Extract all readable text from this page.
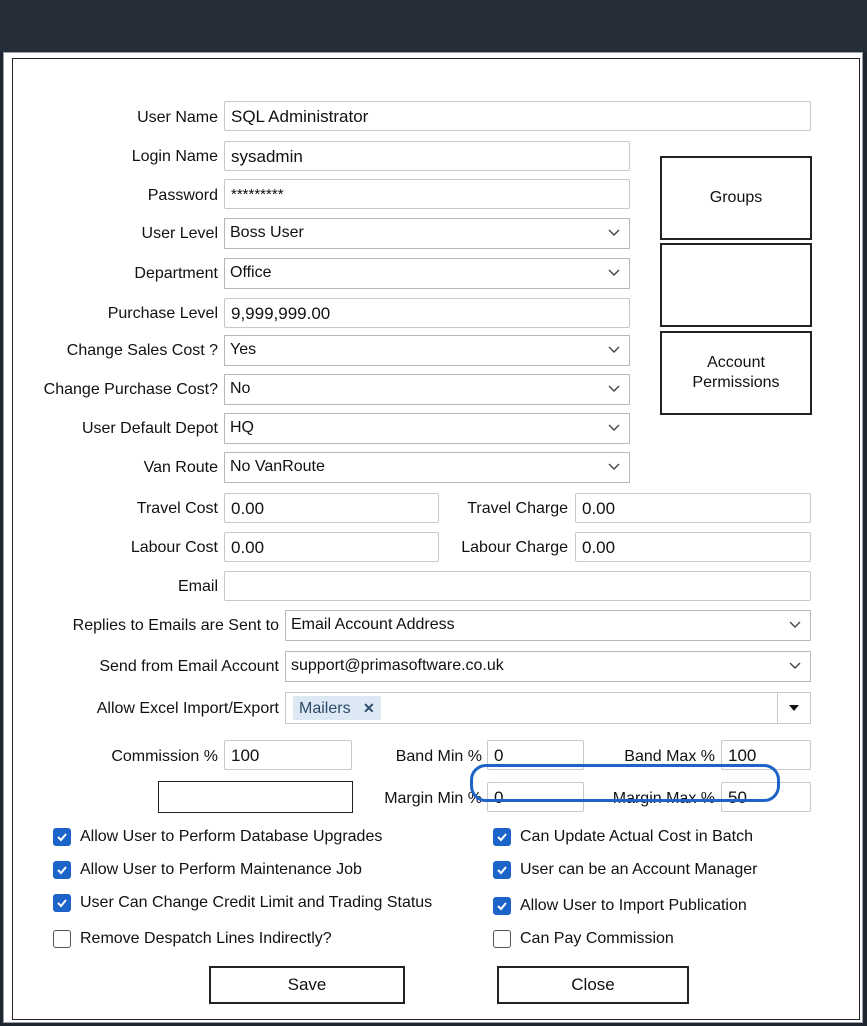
User Name SQL Administrator
Login Name sysadmin
Password *********
User Level Boss User
Department Office
Purchase Level 9,999,999.00
Change Sales Cost ? Yes
Change Purchase Cost? No
User Default Depot HQ
Van Route No VanRoute
Groups
Account Permissions
Travel Cost 0.00	Travel Charge 0.00
Labour Cost 0.00	Labour Charge 0.00
Email
Replies to Emails are Sent to Email Account Address
Send from Email Account support@primasoftware.co.uk
Allow Excel Import/Export	Mailers ✕
Commission % 100	Band Min % 0	Band Max % 100
Margin Min % 0	Margin Max % 50
Allow User to Perform Database Upgrades
Allow User to Perform Maintenance Job
User Can Change Credit Limit and Trading Status
Remove Despatch Lines Indirectly?
Can Update Actual Cost in Batch
User can be an Account Manager
Allow User to Import Publication
Can Pay Commission
Save	Close
